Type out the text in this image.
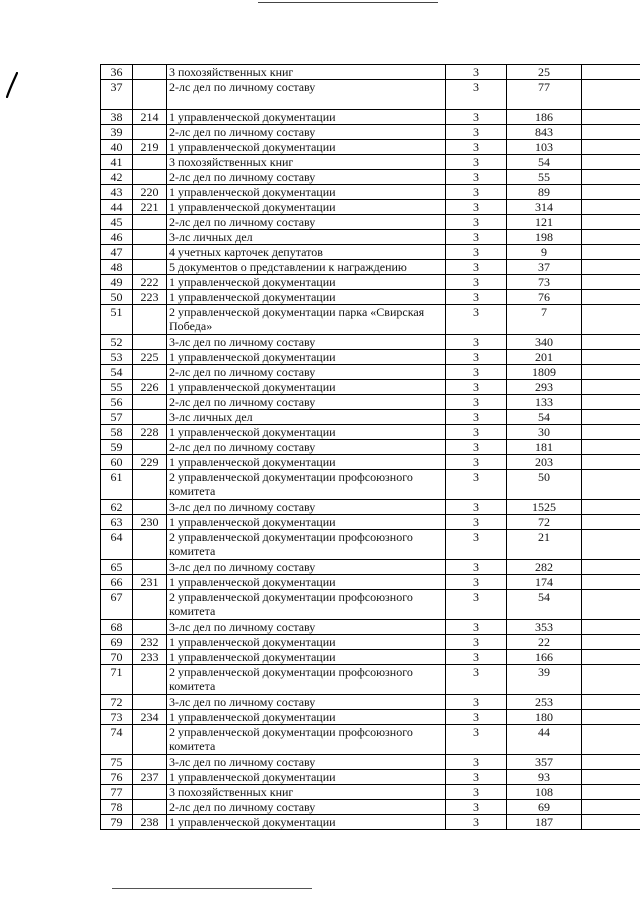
36		3 похозяйственных книг	3	25	
37		2-лс дел по личному составу	3	77	
38	214	1 управленческой документации	3	186	
39		2-лс дел по личному составу	3	843	
40	219	1 управленческой документации	3	103	
41		3 похозяйственных книг	3	54	
42		2-лс дел по личному составу	3	55	
43	220	1 управленческой документации	3	89	
44	221	1 управленческой документации	3	314	
45		2-лс дел по личному составу	3	121	
46		3-лс личных дел	3	198	
47		4 учетных карточек депутатов	3	9	
48		5 документов о представлении к награждению	3	37	
49	222	1 управленческой документации	3	73	
50	223	1 управленческой документации	3	76	
51		2 управленческой документации парка «Свирская Победа»	3	7	
52		3-лс дел по личному составу	3	340	
53	225	1 управленческой документации	3	201	
54		2-лс дел по личному составу	3	1809	
55	226	1 управленческой документации	3	293	
56		2-лс дел по личному составу	3	133	
57		3-лс личных дел	3	54	
58	228	1 управленческой документации	3	30	
59		2-лс дел по личному составу	3	181	
60	229	1 управленческой документации	3	203	
61		2 управленческой документации профсоюзного комитета	3	50	
62		3-лс дел по личному составу	3	1525	
63	230	1 управленческой документации	3	72	
64		2 управленческой документации профсоюзного комитета	3	21	
65		3-лс дел по личному составу	3	282	
66	231	1 управленческой документации	3	174	
67		2 управленческой документации профсоюзного комитета	3	54	
68		3-лс дел по личному составу	3	353	
69	232	1 управленческой документации	3	22	
70	233	1 управленческой документации	3	166	
71		2 управленческой документации профсоюзного комитета	3	39	
72		3-лс дел по личному составу	3	253	
73	234	1 управленческой документации	3	180	
74		2 управленческой документации профсоюзного комитета	3	44	
75		3-лс дел по личному составу	3	357	
76	237	1 управленческой документации	3	93	
77		3 похозяйственных книг	3	108	
78		2-лс дел по личному составу	3	69	
79	238	1 управленческой документации	3	187	
